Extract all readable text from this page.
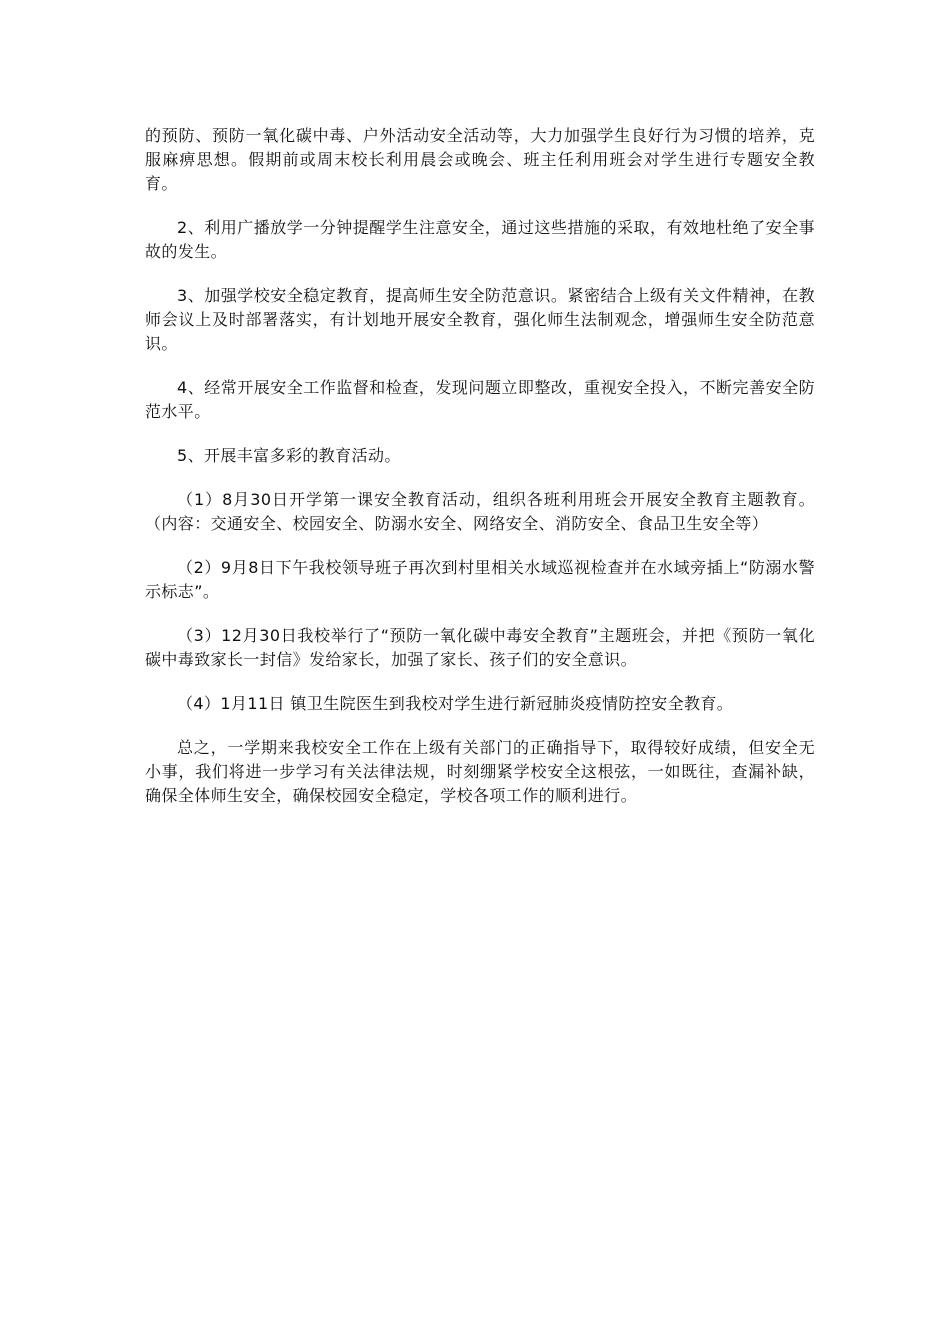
的预防、预防一氧化碳中毒、户外活动安全活动等，大力加强学生良好行为习惯的培养，克服麻痹思想。假期前或周末校长利用晨会或晚会、班主任利用班会对学生进行专题安全教育。

2、利用广播放学一分钟提醒学生注意安全，通过这些措施的采取，有效地杜绝了安全事故的发生。

3、加强学校安全稳定教育，提高师生安全防范意识。紧密结合上级有关文件精神，在教师会议上及时部署落实，有计划地开展安全教育，强化师生法制观念，增强师生安全防范意识。

4、经常开展安全工作监督和检查，发现问题立即整改，重视安全投入，不断完善安全防范水平。

5、开展丰富多彩的教育活动。

（1）8月30日开学第一课安全教育活动，组织各班利用班会开展安全教育主题教育。（内容：交通安全、校园安全、防溺水安全、网络安全、消防安全、食品卫生安全等）

（2）9月8日下午我校领导班子再次到村里相关水域巡视检查并在水域旁插上“防溺水警示标志”。

（3）12月30日我校举行了“预防一氧化碳中毒安全教育”主题班会，并把《预防一氧化碳中毒致家长一封信》发给家长，加强了家长、孩子们的安全意识。

（4）1月11日 镇卫生院医生到我校对学生进行新冠肺炎疫情防控安全教育。

总之，一学期来我校安全工作在上级有关部门的正确指导下，取得较好成绩，但安全无小事，我们将进一步学习有关法律法规，时刻绷紧学校安全这根弦，一如既往，查漏补缺，确保全体师生安全，确保校园安全稳定，学校各项工作的顺利进行。
